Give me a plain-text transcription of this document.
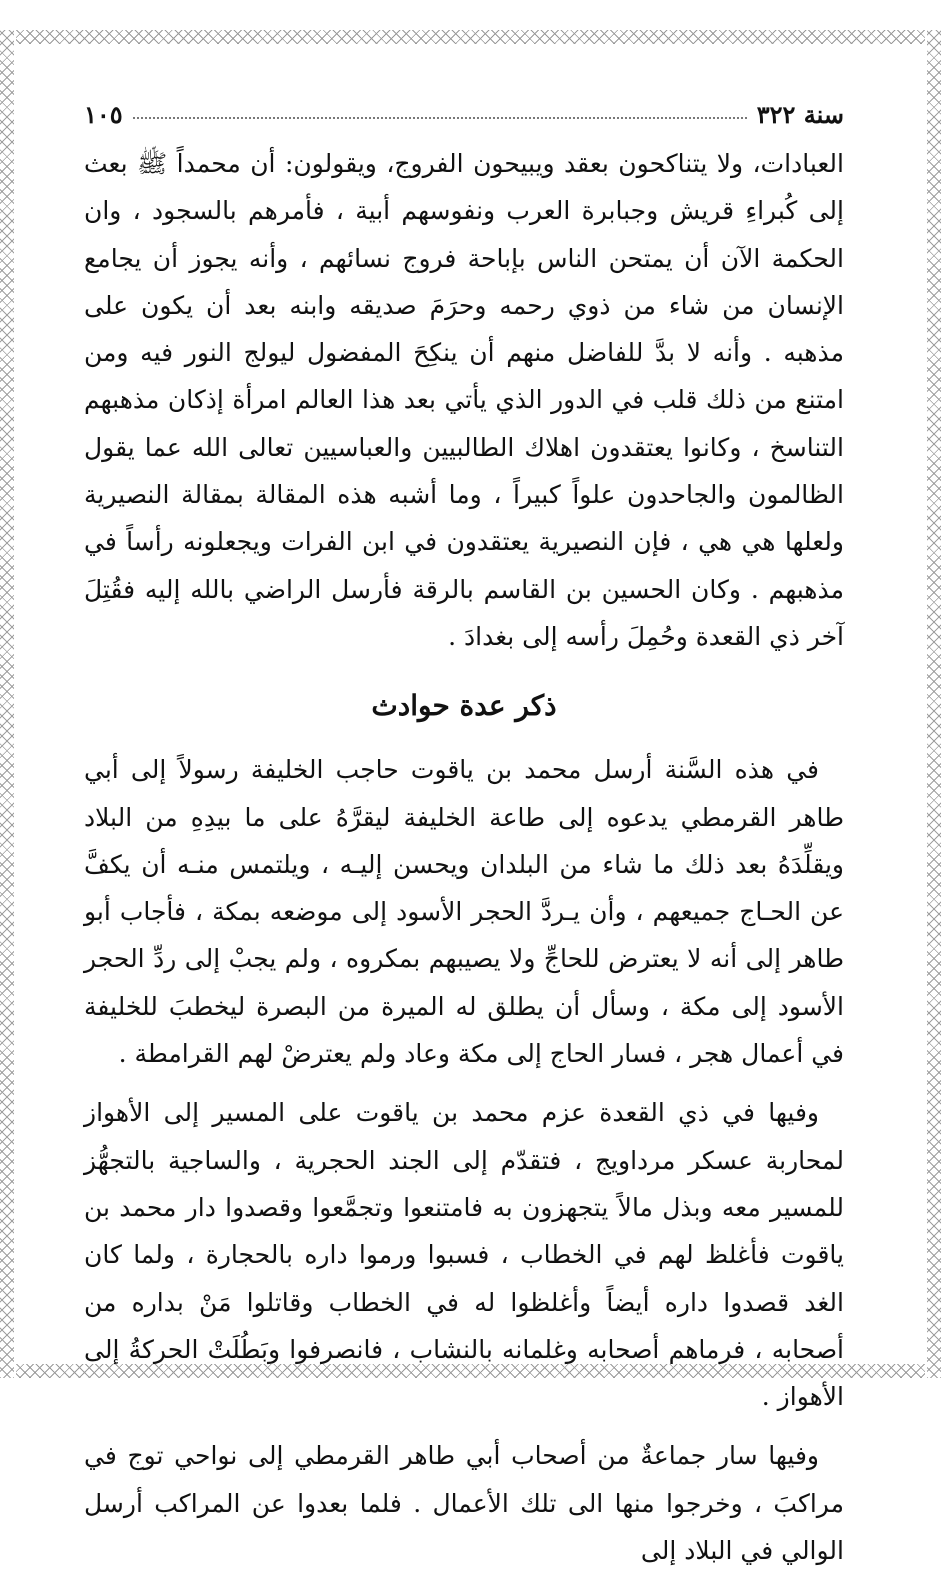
سنة ٣٢٢
١٠٥

العبادات، ولا يتناكحون بعقد ويبيحون الفروج، ويقولون: أن محمداً ﷺ بعث إلى كُبراءِ قريش وجبابرة العرب ونفوسهم أبية ، فأمرهم بالسجود ، وان الحكمة الآن أن يمتحن الناس بإباحة فروج نسائهم ، وأنه يجوز أن يجامع الإنسان من شاء من ذوي رحمه وحرَمَ صديقه وابنه بعد أن يكون على مذهبه . وأنه لا بدَّ للفاضل منهم أن ينكِحَ المفضول ليولج النور فيه ومن امتنع من ذلك قلب في الدور الذي يأتي بعد هذا العالم امرأة إذكان مذهبهم التناسخ ، وكانوا يعتقدون اهلاك الطالبيين والعباسيين تعالى الله عما يقول الظالمون والجاحدون علواً كبيراً ، وما أشبه هذه المقالة بمقالة النصيرية ولعلها هي هي ، فإن النصيرية يعتقدون في ابن الفرات ويجعلونه رأساً في مذهبهم . وكان الحسين بن القاسم بالرقة فأرسل الراضي بالله إليه فقُتِلَ آخر ذي القعدة وحُمِلَ رأسه إلى بغدادَ .

ذكر عدة حوادث

في هذه السَّنة أرسل محمد بن ياقوت حاجب الخليفة رسولاً إلى أبي طاهر القرمطي يدعوه إلى طاعة الخليفة ليقرَّهُ على ما بيدِهِ من البلاد ويقلِّدَهُ بعد ذلك ما شاء من البلدان ويحسن إليـه ، ويلتمس منـه أن يكفَّ عن الحـاج جميعهم ، وأن يـردَّ الحجر الأسود إلى موضعه بمكة ، فأجاب أبو طاهر إلى أنه لا يعترض للحاجِّ ولا يصيبهم بمكروه ، ولم يجبْ إلى ردِّ الحجر الأسود إلى مكة ، وسأل أن يطلق له الميرة من البصرة ليخطبَ للخليفة في أعمال هجر ، فسار الحاج إلى مكة وعاد ولم يعترضْ لهم القرامطة .

وفيها في ذي القعدة عزم محمد بن ياقوت على المسير إلى الأهواز لمحاربة عسكر مرداويج ، فتقدّم إلى الجند الحجرية ، والساجية بالتجهُّز للمسير معه وبذل مالاً يتجهزون به فامتنعوا وتجمَّعوا وقصدوا دار محمد بن ياقوت فأغلظ لهم في الخطاب ، فسبوا ورموا داره بالحجارة ، ولما كان الغد قصدوا داره أيضاً وأغلظوا له في الخطاب وقاتلوا مَنْ بداره من أصحابه ، فرماهم أصحابه وغلمانه بالنشاب ، فانصرفوا وبَطُلَتْ الحركةُ إلى الأهواز .

وفيها سار جماعةٌ من أصحاب أبي طاهر القرمطي إلى نواحي توج في مراكبَ ، وخرجوا منها الى تلك الأعمال . فلما بعدوا عن المراكب أرسل الوالي في البلاد إلى
